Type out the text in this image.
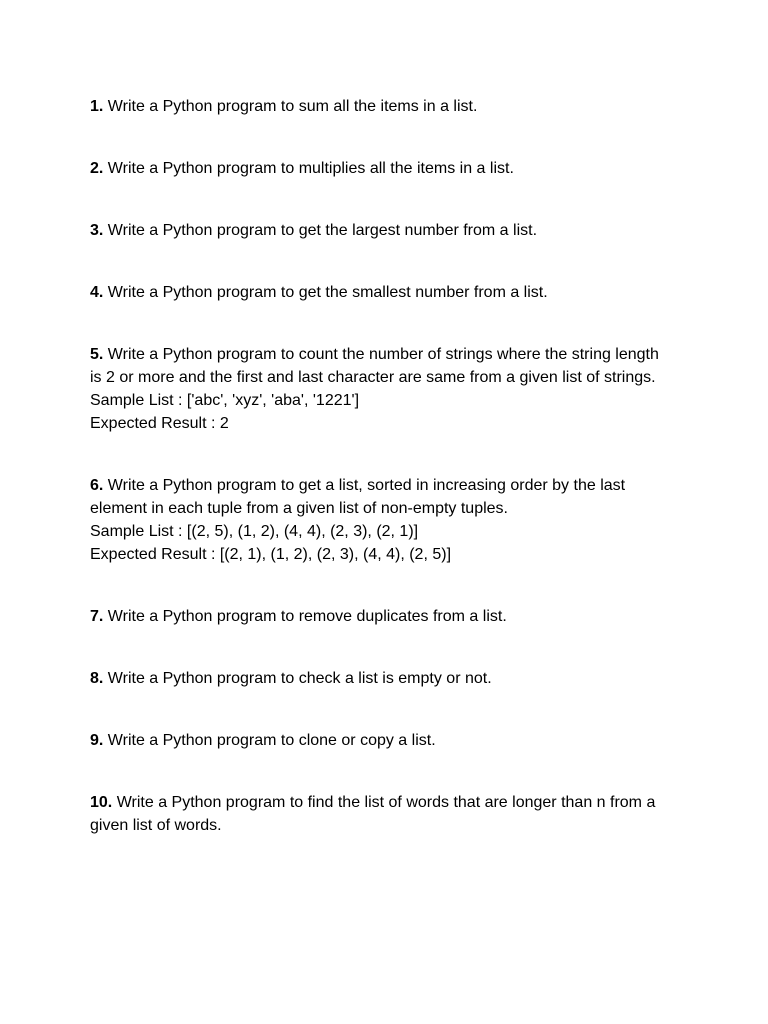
1. Write a Python program to sum all the items in a list.
2. Write a Python program to multiplies all the items in a list.
3. Write a Python program to get the largest number from a list.
4. Write a Python program to get the smallest number from a list.
5. Write a Python program to count the number of strings where the string length
is 2 or more and the first and last character are same from a given list of strings.
Sample List : ['abc', 'xyz', 'aba', '1221']
Expected Result : 2
6. Write a Python program to get a list, sorted in increasing order by the last
element in each tuple from a given list of non-empty tuples.
Sample List : [(2, 5), (1, 2), (4, 4), (2, 3), (2, 1)]
Expected Result : [(2, 1), (1, 2), (2, 3), (4, 4), (2, 5)]
7. Write a Python program to remove duplicates from a list.
8. Write a Python program to check a list is empty or not.
9. Write a Python program to clone or copy a list.
10. Write a Python program to find the list of words that are longer than n from a
given list of words.
